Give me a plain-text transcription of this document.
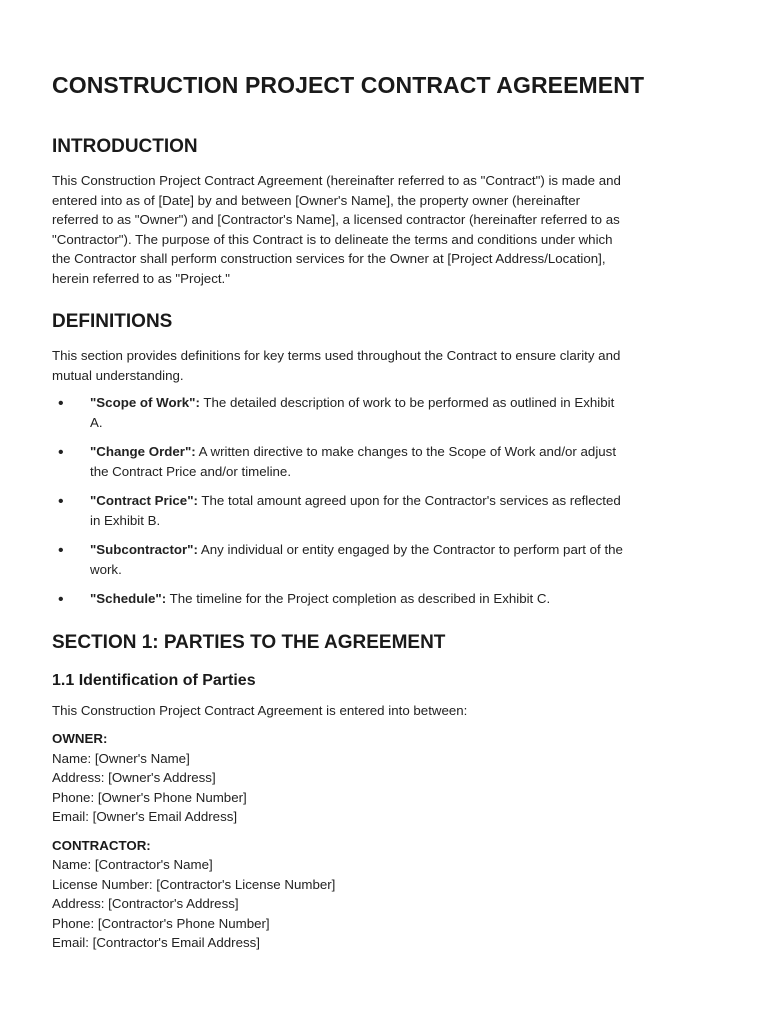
CONSTRUCTION PROJECT CONTRACT AGREEMENT
INTRODUCTION

This Construction Project Contract Agreement (hereinafter referred to as "Contract") is made and
entered into as of [Date] by and between [Owner's Name], the property owner (hereinafter
referred to as "Owner") and [Contractor's Name], a licensed contractor (hereinafter referred to as
"Contractor"). The purpose of this Contract is to delineate the terms and conditions under which
the Contractor shall perform construction services for the Owner at [Project Address/Location],
herein referred to as "Project."

DEFINITIONS

This section provides definitions for key terms used throughout the Contract to ensure clarity and
mutual understanding.

• "Scope of Work": The detailed description of work to be performed as outlined in Exhibit
A.
• "Change Order": A written directive to make changes to the Scope of Work and/or adjust
the Contract Price and/or timeline.
• "Contract Price": The total amount agreed upon for the Contractor's services as reflected
in Exhibit B.
• "Subcontractor": Any individual or entity engaged by the Contractor to perform part of the
work.
• "Schedule": The timeline for the Project completion as described in Exhibit C.
SECTION 1: PARTIES TO THE AGREEMENT
1.1 Identification of Parties

This Construction Project Contract Agreement is entered into between:

OWNER:
Name: [Owner's Name]
Address: [Owner's Address]
Phone: [Owner's Phone Number]
Email: [Owner's Email Address]
CONTRACTOR:
Name: [Contractor's Name]
License Number: [Contractor's License Number]
Address: [Contractor's Address]
Phone: [Contractor's Phone Number]
Email: [Contractor's Email Address]
